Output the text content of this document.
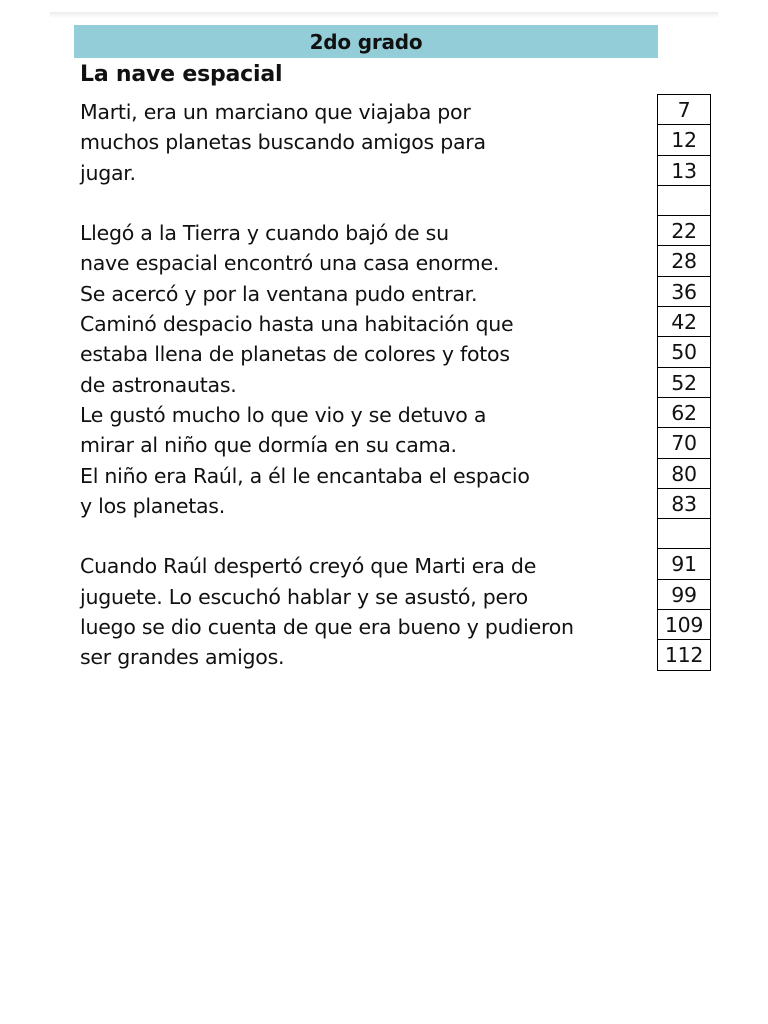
2do grado
La nave espacial
Marti, era un marciano que viajaba por
muchos planetas buscando amigos para
jugar.
Llegó a la Tierra y cuando bajó de su
nave espacial encontró una casa enorme.
Se acercó y por la ventana pudo entrar.
Caminó despacio hasta una habitación que
estaba llena de planetas de colores y fotos
de astronautas.
Le gustó mucho lo que vio y se detuvo a
mirar al niño que dormía en su cama.
El niño era Raúl, a él le encantaba el espacio
y los planetas.
Cuando Raúl despertó creyó que Marti era de
juguete. Lo escuchó hablar y se asustó, pero
luego se dio cuenta de que era bueno y pudieron
ser grandes amigos.
7
12
13
22
28
36
42
50
52
62
70
80
83
91
99
109
112
